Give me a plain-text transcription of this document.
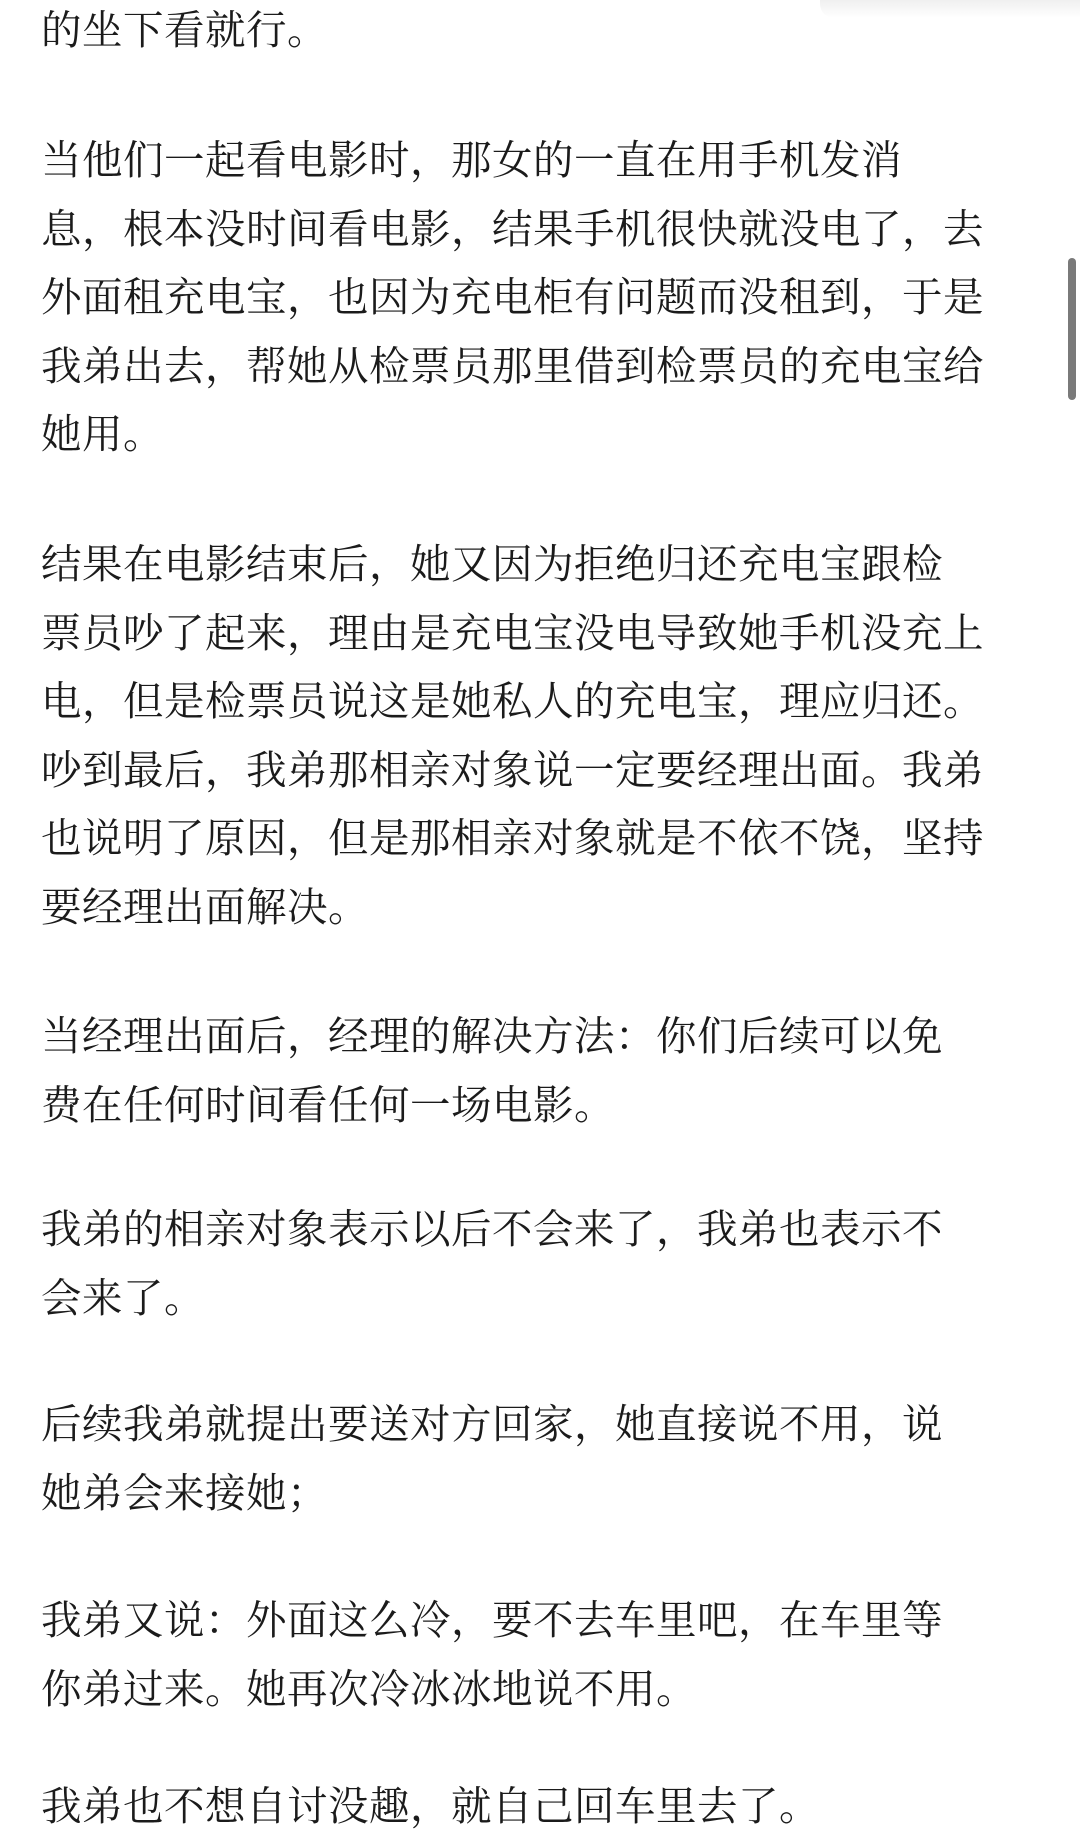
的坐下看就行。
当他们一起看电影时，那女的一直在用手机发消
息，根本没时间看电影，结果手机很快就没电了，去
外面租充电宝，也因为充电柜有问题而没租到，于是
我弟出去，帮她从检票员那里借到检票员的充电宝给
她用。
结果在电影结束后，她又因为拒绝归还充电宝跟检
票员吵了起来，理由是充电宝没电导致她手机没充上
电，但是检票员说这是她私人的充电宝，理应归还。
吵到最后，我弟那相亲对象说一定要经理出面。我弟
也说明了原因，但是那相亲对象就是不依不饶，坚持
要经理出面解决。
当经理出面后，经理的解决方法：你们后续可以免
费在任何时间看任何一场电影。
我弟的相亲对象表示以后不会来了，我弟也表示不
会来了。
后续我弟就提出要送对方回家，她直接说不用，说
她弟会来接她；
我弟又说：外面这么冷，要不去车里吧，在车里等
你弟过来。她再次冷冰冰地说不用。
我弟也不想自讨没趣，就自己回车里去了。
